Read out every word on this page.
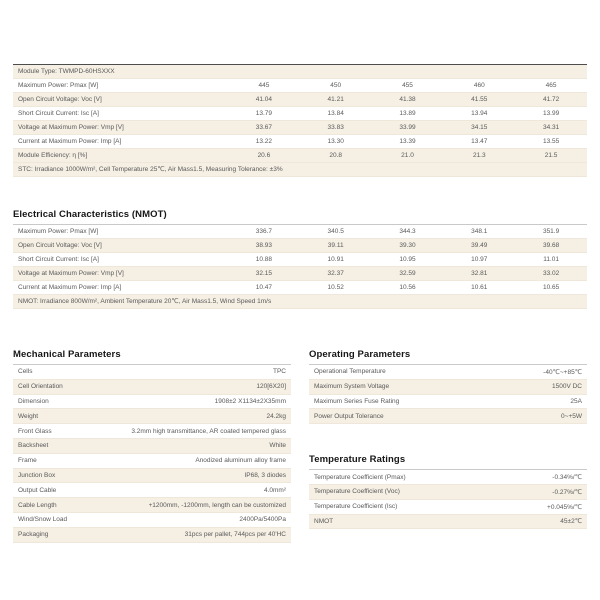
Module Type: TWMPD-60HSXXX
Maximum Power: Pmax [W]	445	450	455	460	465
Open Circuit Voltage: Voc [V]	41.04	41.21	41.38	41.55	41.72
Short Circuit Current: Isc [A]	13.79	13.84	13.89	13.94	13.99
Voltage at Maximum Power: Vmp [V]	33.67	33.83	33.99	34.15	34.31
Current at Maximum Power: Imp [A]	13.22	13.30	13.39	13.47	13.55
Module Efficiency: η [%]	20.6	20.8	21.0	21.3	21.5
STC: Irradiance 1000W/m², Cell Temperature 25℃, Air Mass1.5, Measuring Tolerance: ±3%
Electrical Characteristics (NMOT)
Maximum Power: Pmax [W]	336.7	340.5	344.3	348.1	351.9
Open Circuit Voltage: Voc [V]	38.93	39.11	39.30	39.49	39.68
Short Circuit Current: Isc [A]	10.88	10.91	10.95	10.97	11.01
Voltage at Maximum Power: Vmp [V]	32.15	32.37	32.59	32.81	33.02
Current at Maximum Power: Imp [A]	10.47	10.52	10.56	10.61	10.65
NMOT: Irradiance 800W/m², Ambient Temperature 20℃, Air Mass1.5, Wind Speed 1m/s
Mechanical Parameters
Cells	TPC
Cell Orientation	120[6X20]
Dimension	1908±2 X1134±2X35mm
Weight	24.2kg
Front Glass	3.2mm high transmittance, AR coated tempered glass
Backsheet	White
Frame	Anodized aluminum alloy frame
Junction Box	IP68, 3 diodes
Output Cable	4.0mm²
Cable Length	+1200mm, -1200mm, length can be customized
Wind/Snow Load	2400Pa/5400Pa
Packaging	31pcs per pallet, 744pcs per 40'HC
Operating Parameters
Operational Temperature	-40℃~+85℃
Maximum System Voltage	1500V DC
Maximum Series Fuse Rating	25A
Power Output Tolerance	0~+5W
Temperature Ratings
Temperature Coefficient (Pmax)	-0.34%/℃
Temperature Coefficient (Voc)	-0.27%/℃
Temperature Coefficient (Isc)	+0.045%/℃
NMOT	45±2℃
